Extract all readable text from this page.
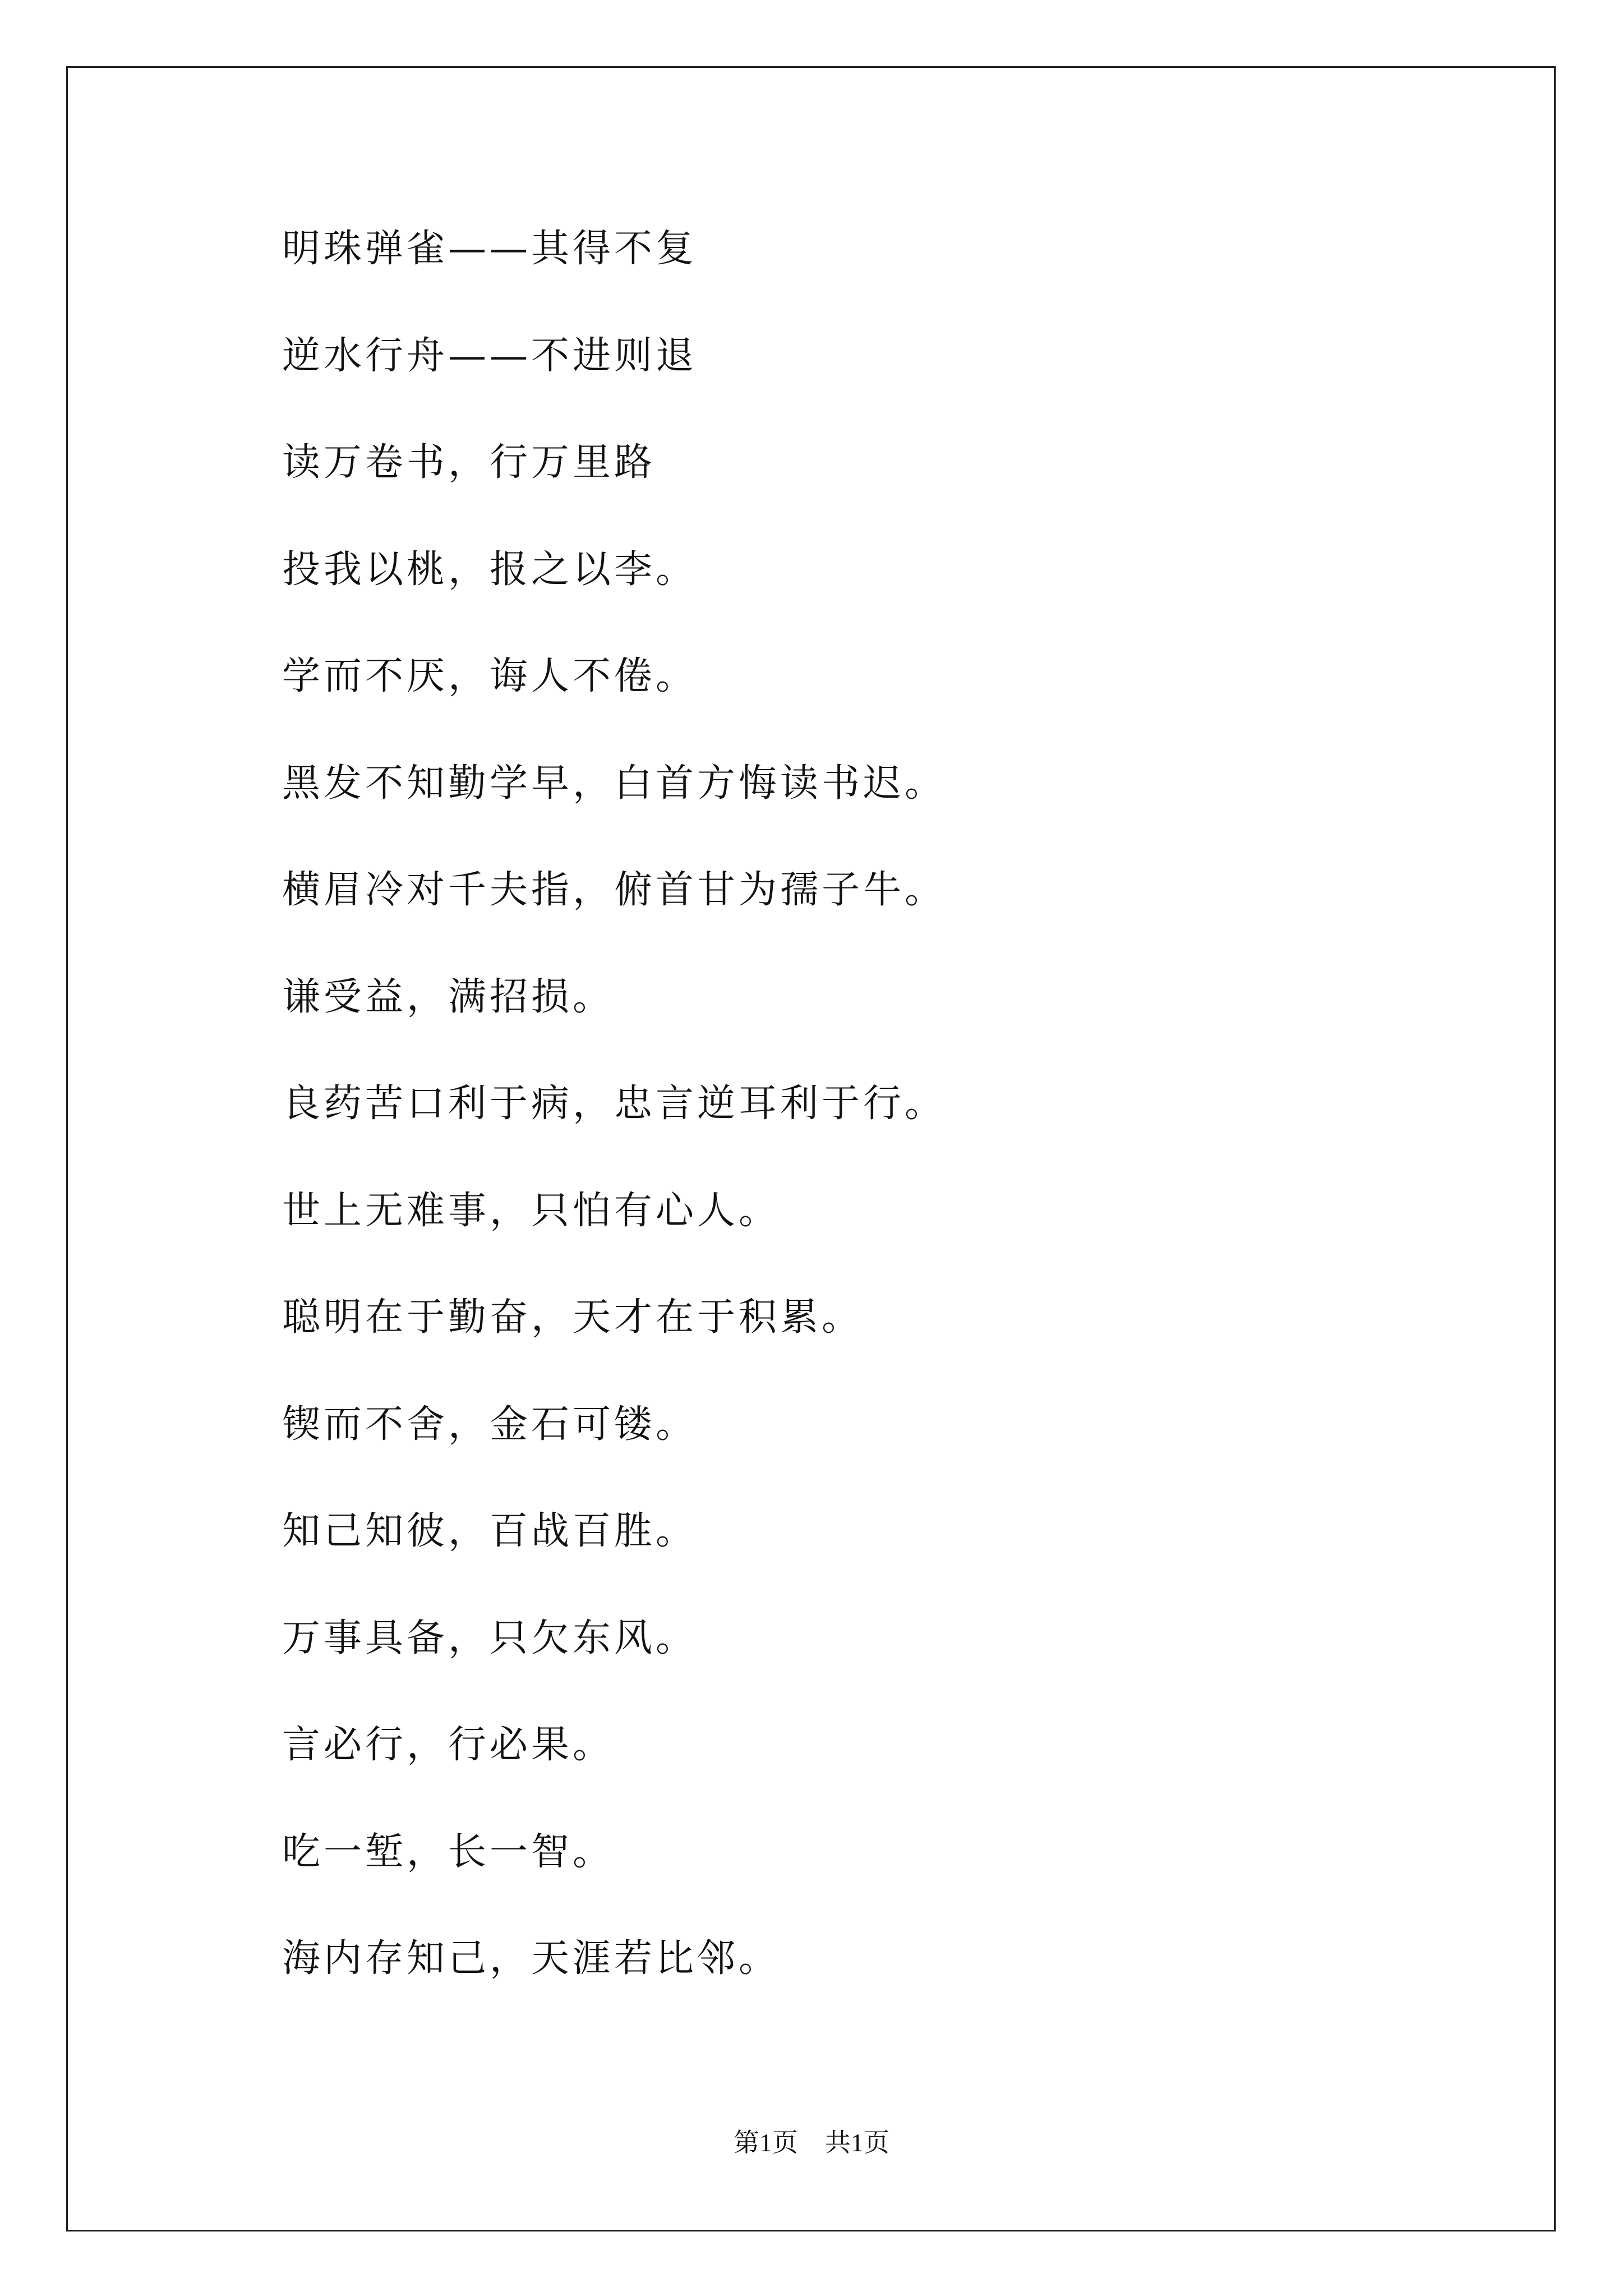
明珠弹雀——其得不复
逆水行舟——不进则退
读万卷书，行万里路
投我以桃，报之以李。
学而不厌，诲人不倦。
黑发不知勤学早，白首方悔读书迟。
横眉冷对千夫指，俯首甘为孺子牛。
谦受益，满招损。
良药苦口利于病，忠言逆耳利于行。
世上无难事，只怕有心人。
聪明在于勤奋，天才在于积累。
锲而不舍，金石可镂。
知己知彼，百战百胜。
万事具备，只欠东风。
言必行，行必果。
吃一堑，长一智。
海内存知己，天涯若比邻。
第1页 共1页
